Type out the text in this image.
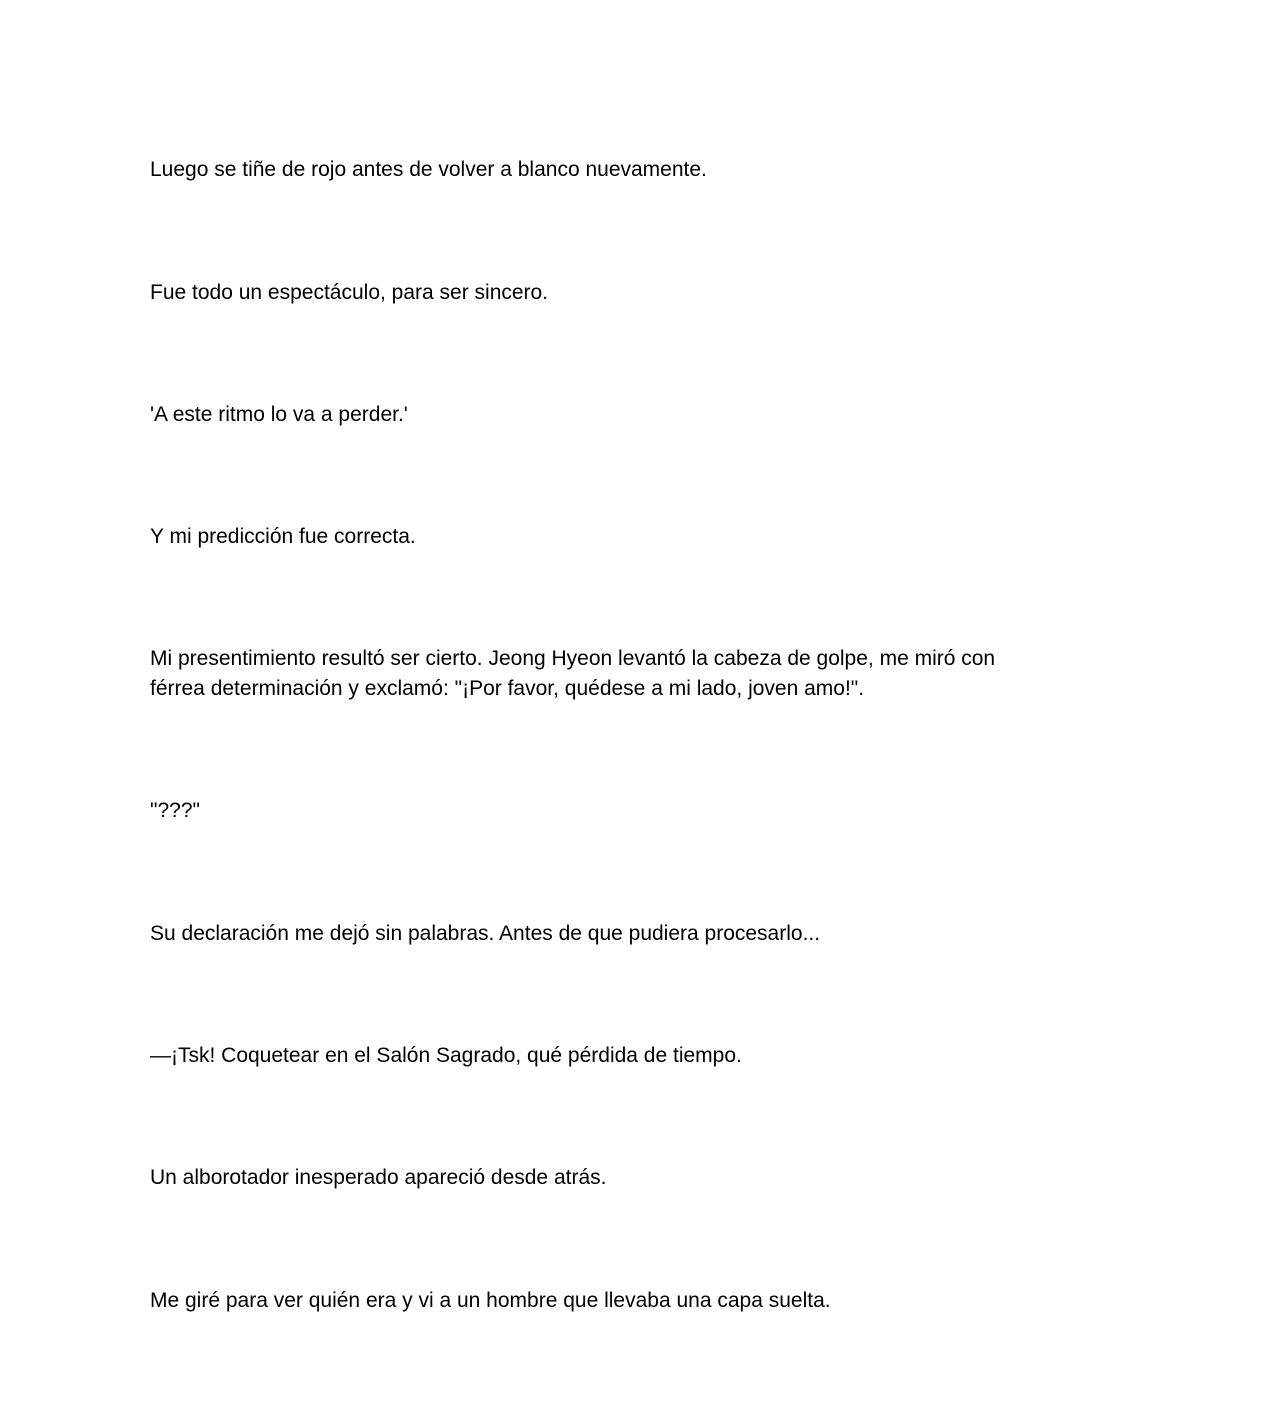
Luego se tiñe de rojo antes de volver a blanco nuevamente.

Fue todo un espectáculo, para ser sincero.

'A este ritmo lo va a perder.'

Y mi predicción fue correcta.

Mi presentimiento resultó ser cierto. Jeong Hyeon levantó la cabeza de golpe, me miró con
férrea determinación y exclamó: "¡Por favor, quédese a mi lado, joven amo!".

"???"

Su declaración me dejó sin palabras. Antes de que pudiera procesarlo...

—¡Tsk! Coquetear en el Salón Sagrado, qué pérdida de tiempo.

Un alborotador inesperado apareció desde atrás.

Me giré para ver quién era y vi a un hombre que llevaba una capa suelta.
